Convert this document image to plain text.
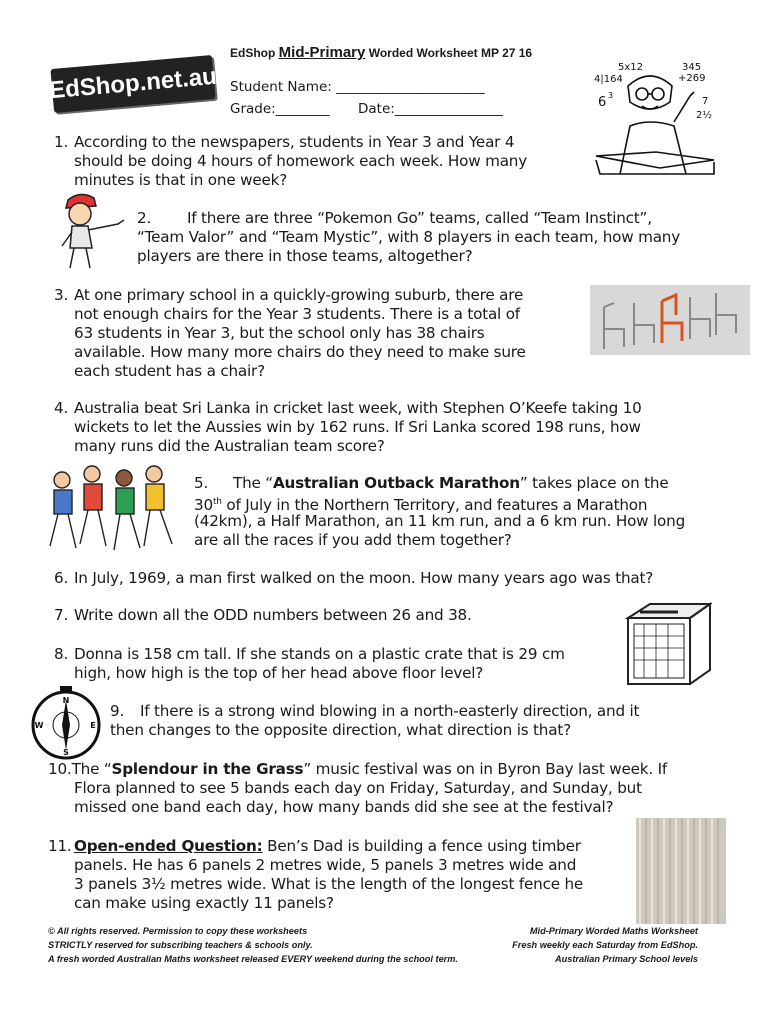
EdShop Mid-Primary Worded Worksheet MP 27 16
EdShop.net.au Student Name: ______________________
Grade:________ Date:________________
5x12	345
+269
4|164
6 3
7
2½
1. According to the newspapers, students in Year 3 and Year 4
should be doing 4 hours of homework each week. How many
minutes is that in one week?
2. If there are three “Pokemon Go” teams, called “Team Instinct”,
“Team Valor” and “Team Mystic”, with 8 players in each team, how many
players are there in those teams, altogether?
3. At one primary school in a quickly-growing suburb, there are
not enough chairs for the Year 3 students. There is a total of
63 students in Year 3, but the school only has 38 chairs
available. How many more chairs do they need to make sure
each student has a chair?
4. Australia beat Sri Lanka in cricket last week, with Stephen O’Keefe taking 10
wickets to let the Aussies win by 162 runs. If Sri Lanka scored 198 runs, how
many runs did the Australian team score?
5. The “Australian Outback Marathon” takes place on the
30th of July in the Northern Territory, and features a Marathon
(42km), a Half Marathon, an 11 km run, and a 6 km run. How long
are all the races if you add them together?
6. In July, 1969, a man first walked on the moon. How many years ago was that?
7. Write down all the ODD numbers between 26 and 38.
8. Donna is 158 cm tall. If she stands on a plastic crate that is 29 cm
high, how high is the top of her head above floor level?
N
S
E
W
9. If there is a strong wind blowing in a north-easterly direction, and it
then changes to the opposite direction, what direction is that?
10.The “Splendour in the Grass” music festival was on in Byron Bay last week. If
Flora planned to see 5 bands each day on Friday, Saturday, and Sunday, but
missed one band each day, how many bands did she see at the festival?
11. Open-ended Question: Ben’s Dad is building a fence using timber
panels. He has 6 panels 2 metres wide, 5 panels 3 metres wide and
3 panels 3½ metres wide. What is the length of the longest fence he
can make using exactly 11 panels?
© All rights reserved. Permission to copy these worksheets
STRICTLY reserved for subscribing teachers & schools only.
A fresh worded Australian Maths worksheet released EVERY weekend during the school term.
Mid-Primary Worded Maths Worksheet
Fresh weekly each Saturday from EdShop.
Australian Primary School levels
